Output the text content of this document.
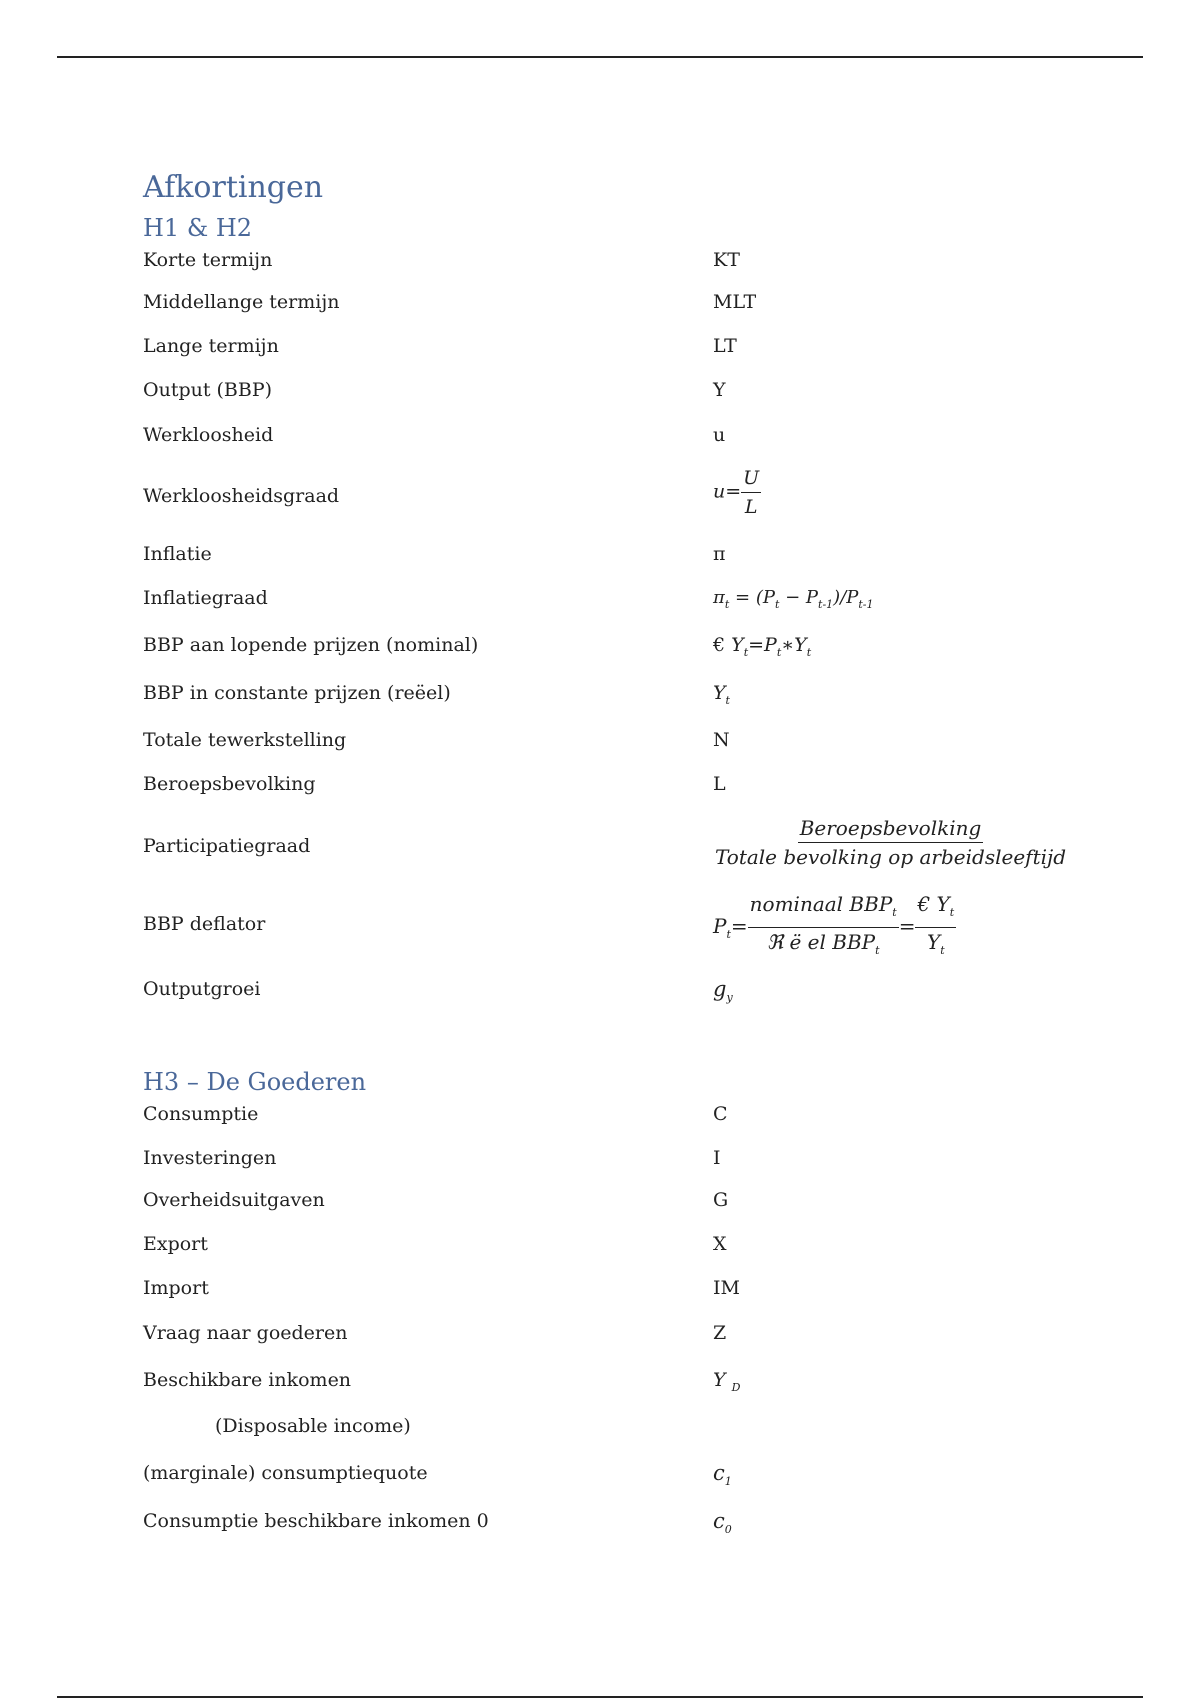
Afkortingen
H1 & H2
Korte termijn	KT
Middellange termijn	MLT
Lange termijn	LT
Output (BBP)	Y
Werkloosheid	u
Werkloosheidsgraad	$u= \frac{U}{L}$
Inflatie	π
Inflatiegraad	$\pi_t = (P_t - P_{t-1})/P_{t-1}$
BBP aan lopende prijzen (nominal)	€ $Y_t=P_t∗Y_t$
BBP in constante prijzen (reëel)	$Y_t$
Totale tewerkstelling	N
Beroepsbevolking	L
Participatiegraad	$\frac{\text{Beroepsbevolking}}{\text{Totale bevolking op arbeidsleeftijd}}$
BBP deflator	$P_t= \frac{nominaal BBP_t}{ℜ ë el BBP_t} = \frac{€ Y_t}{Y_t}$
Outputgroei	$g_y$
H3 – De Goederen
Consumptie	C
Investeringen	I
Overheidsuitgaven	G
Export	X
Import	IM
Vraag naar goederen	Z
Beschikbare inkomen	Y $_D$
(Disposable income)
(marginale) consumptiequote	$c_1$
Consumptie beschikbare inkomen 0	$c_0$
